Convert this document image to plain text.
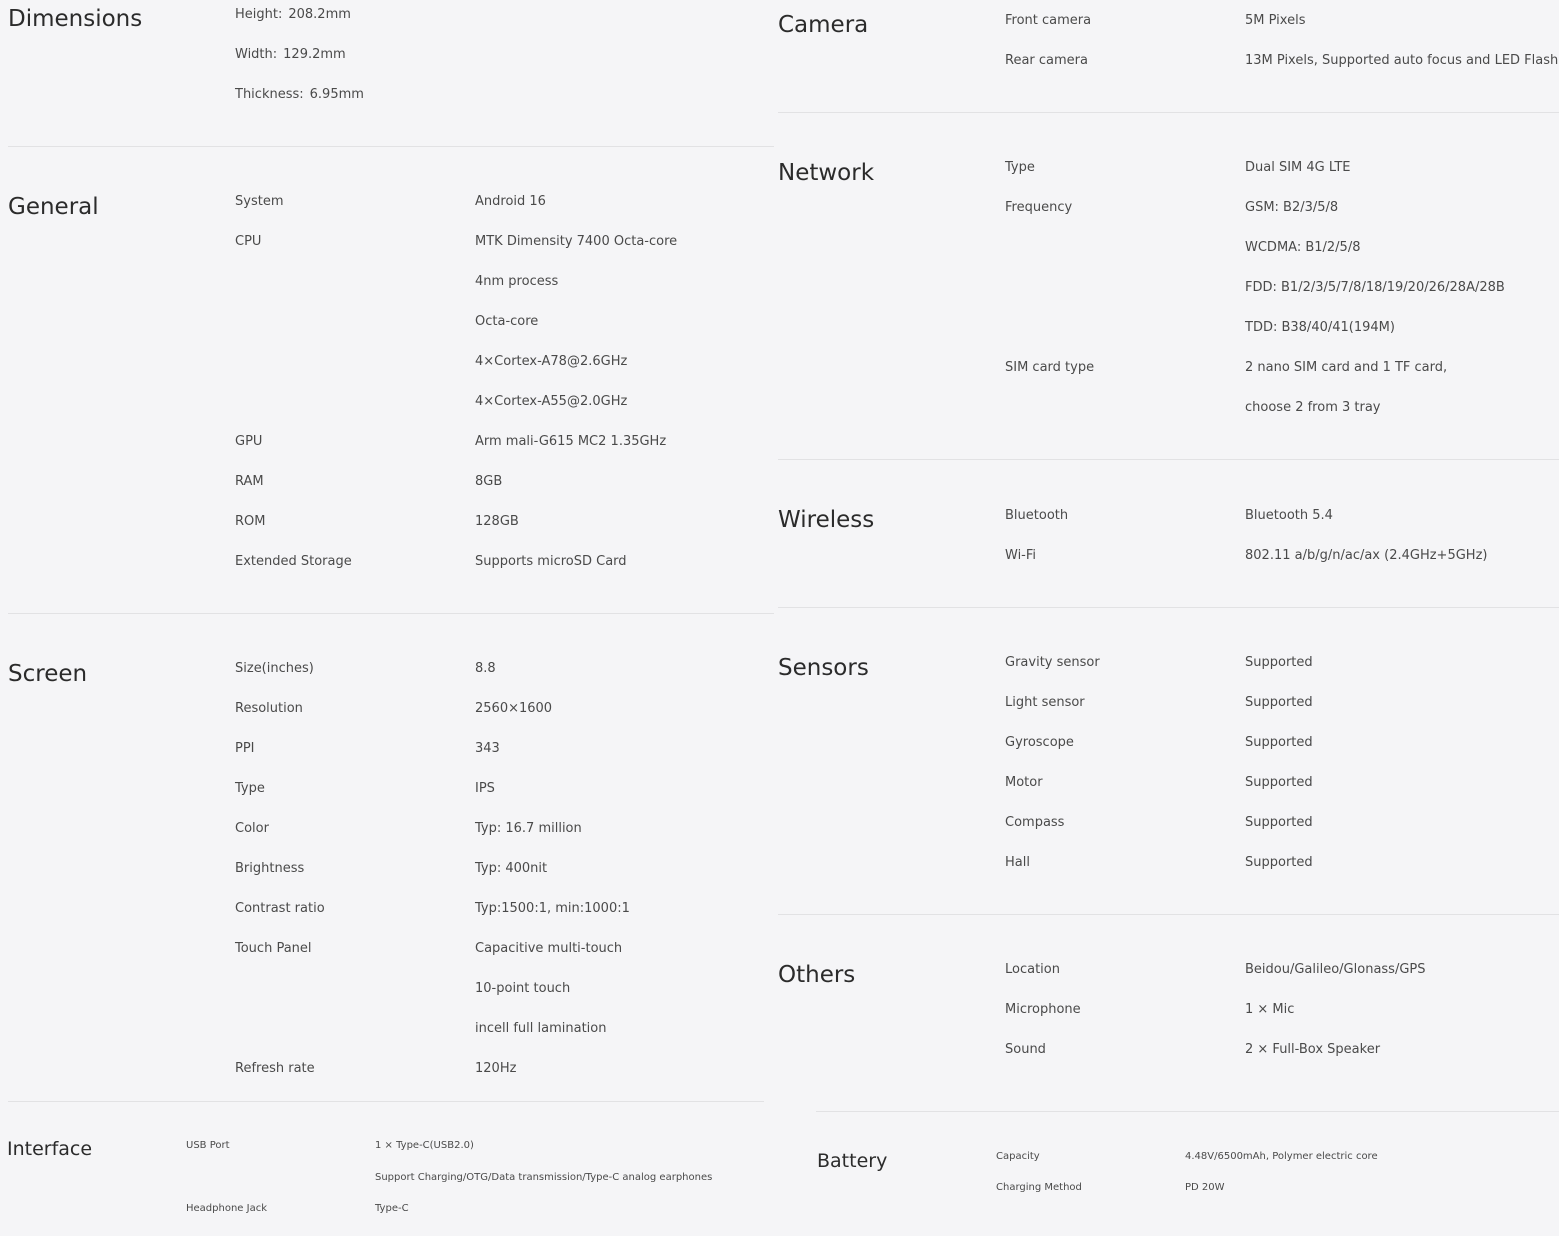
Dimensions	Height: 208.2mm
Width: 129.2mm
Thickness: 6.95mm
General	System	Android 16
CPU	MTK Dimensity 7400 Octa-core
4nm process
Octa-core
4×Cortex-A78@2.6GHz
4×Cortex-A55@2.0GHz
GPU	Arm mali-G615 MC2 1.35GHz
RAM	8GB
ROM	128GB
Extended Storage	Supports microSD Card
Screen	Size(inches)	8.8
Resolution	2560×1600
PPI	343
Type	IPS
Color	Typ: 16.7 million
Brightness	Typ: 400nit
Contrast ratio	Typ:1500:1, min:1000:1
Touch Panel	Capacitive multi-touch
10-point touch
incell full lamination
Refresh rate	120Hz
Interface	USB Port	1 × Type-C(USB2.0)
Support Charging/OTG/Data transmission/Type-C analog earphones
Headphone Jack	Type-C
Camera	Front camera	5M Pixels
Rear camera	13M Pixels, Supported auto focus and LED Flash
Network	Type	Dual SIM 4G LTE
Frequency	GSM: B2/3/5/8
WCDMA: B1/2/5/8
FDD: B1/2/3/5/7/8/18/19/20/26/28A/28B
TDD: B38/40/41(194M)
SIM card type	2 nano SIM card and 1 TF card,
choose 2 from 3 tray
Wireless	Bluetooth	Bluetooth 5.4
Wi-Fi	802.11 a/b/g/n/ac/ax (2.4GHz+5GHz)
Sensors	Gravity sensor	Supported
Light sensor	Supported
Gyroscope	Supported
Motor	Supported
Compass	Supported
Hall	Supported
Others	Location	Beidou/Galileo/Glonass/GPS
Microphone	1 × Mic
Sound	2 × Full-Box Speaker
Battery	Capacity	4.48V/6500mAh, Polymer electric core
Charging Method	PD 20W
